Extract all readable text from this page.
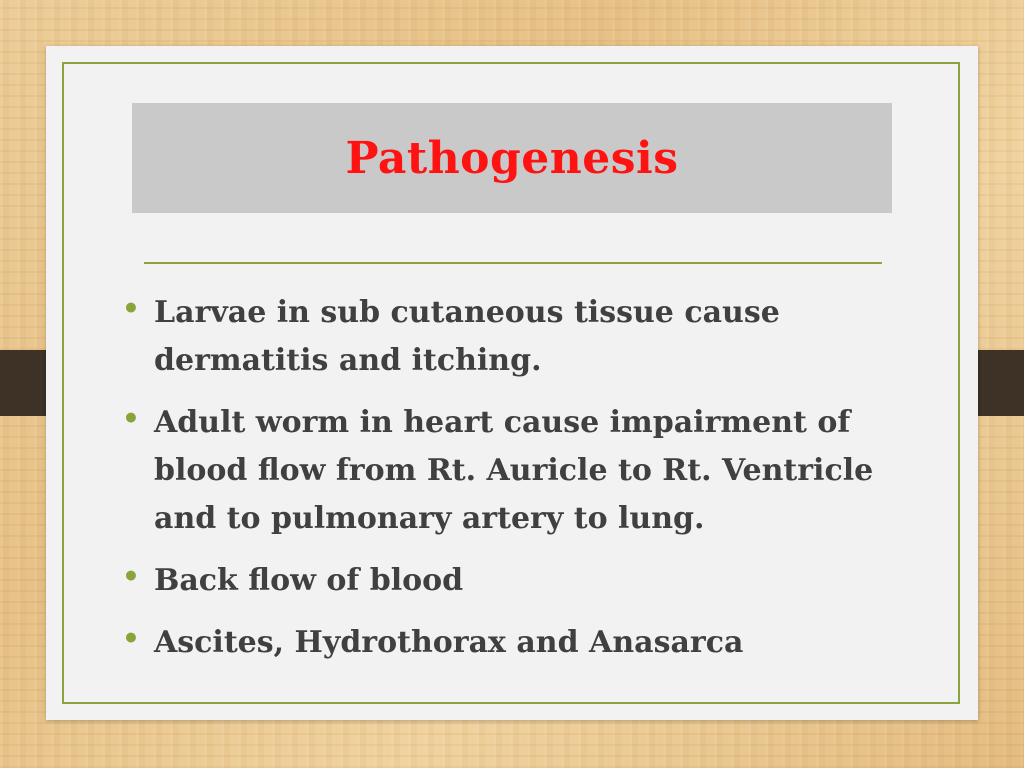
Pathogenesis
• Larvae in sub cutaneous tissue cause dermatitis and itching.
• Adult worm in heart cause impairment of blood flow from Rt. Auricle to Rt. Ventricle and to pulmonary artery to lung.
• Back flow of blood
• Ascites, Hydrothorax and Anasarca
